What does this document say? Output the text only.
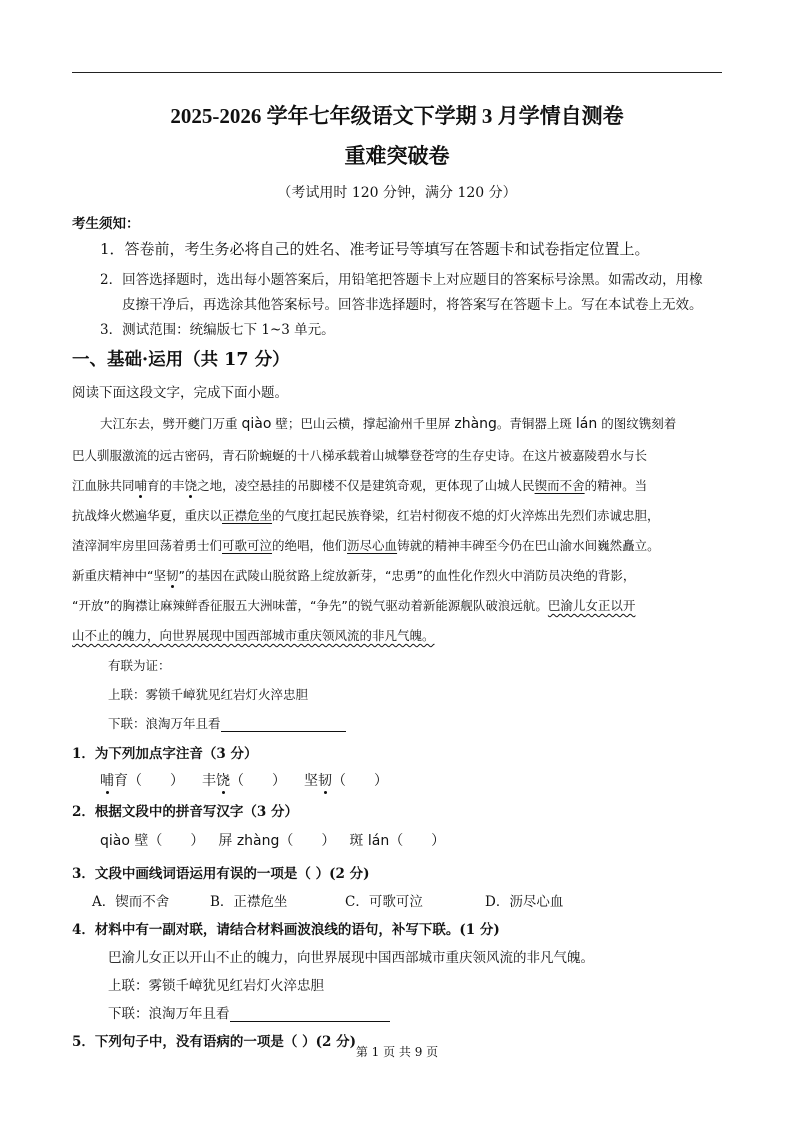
2025-2026 学年七年级语文下学期 3 月学情自测卷
重难突破卷
（考试用时 120 分钟，满分 120 分）
考生须知：
1．答卷前，考生务必将自己的姓名、准考证号等填写在答题卡和试卷指定位置上。
2．回答选择题时，选出每小题答案后，用铅笔把答题卡上对应题目的答案标号涂黑。如需改动，用橡
皮擦干净后，再选涂其他答案标号。回答非选择题时，将答案写在答题卡上。写在本试卷上无效。
3．测试范围：统编版七下 1~3 单元。
一、基础·运用（共 17 分）
阅读下面这段文字，完成下面小题。
大江东去，劈开夔门万重 qiào 壁；巴山云横，撑起渝州千里屏 zhàng。青铜器上斑 lán 的图纹镌刻着
巴人驯服激流的远古密码，青石阶蜿蜒的十八梯承载着山城攀登苍穹的生存史诗。在这片被嘉陵碧水与长
江血脉共同哺育的丰饶之地，凌空悬挂的吊脚楼不仅是建筑奇观，更体现了山城人民锲而不舍的精神。当
抗战烽火燃遍华夏，重庆以正襟危坐的气度扛起民族脊梁，红岩村彻夜不熄的灯火淬炼出先烈们赤诚忠胆，
渣滓洞牢房里回荡着勇士们可歌可泣的绝唱，他们沥尽心血铸就的精神丰碑至今仍在巴山渝水间巍然矗立。
新重庆精神中“坚韧”的基因在武陵山脱贫路上绽放新芽，“忠勇”的血性化作烈火中消防员决绝的背影，
“开放”的胸襟让麻辣鲜香征服五大洲味蕾，“争先”的锐气驱动着新能源舰队破浪远航。巴渝儿女正以开
山不止的魄力，向世界展现中国西部城市重庆领风流的非凡气魄。
有联为证：
上联：雾锁千嶂犹见红岩灯火淬忠胆
下联：浪淘万年且看
1．为下列加点字注音（3 分）
哺育（　　） 丰饶（　　） 坚韧（　　）
2．根据文段中的拼音写汉字（3 分）
qiào 壁（　　） 屏 zhàng（　　） 斑 lán（　　）
3．文段中画线词语运用有误的一项是（ ）(2 分)
A．锲而不舍	B．正襟危坐	C．可歌可泣	D．沥尽心血
4．材料中有一副对联，请结合材料画波浪线的语句，补写下联。(1 分)
巴渝儿女正以开山不止的魄力，向世界展现中国西部城市重庆领风流的非凡气魄。
上联：雾锁千嶂犹见红岩灯火淬忠胆
下联：浪淘万年且看
5．下列句子中，没有语病的一项是（ ）(2 分)
第 1 页 共 9 页
